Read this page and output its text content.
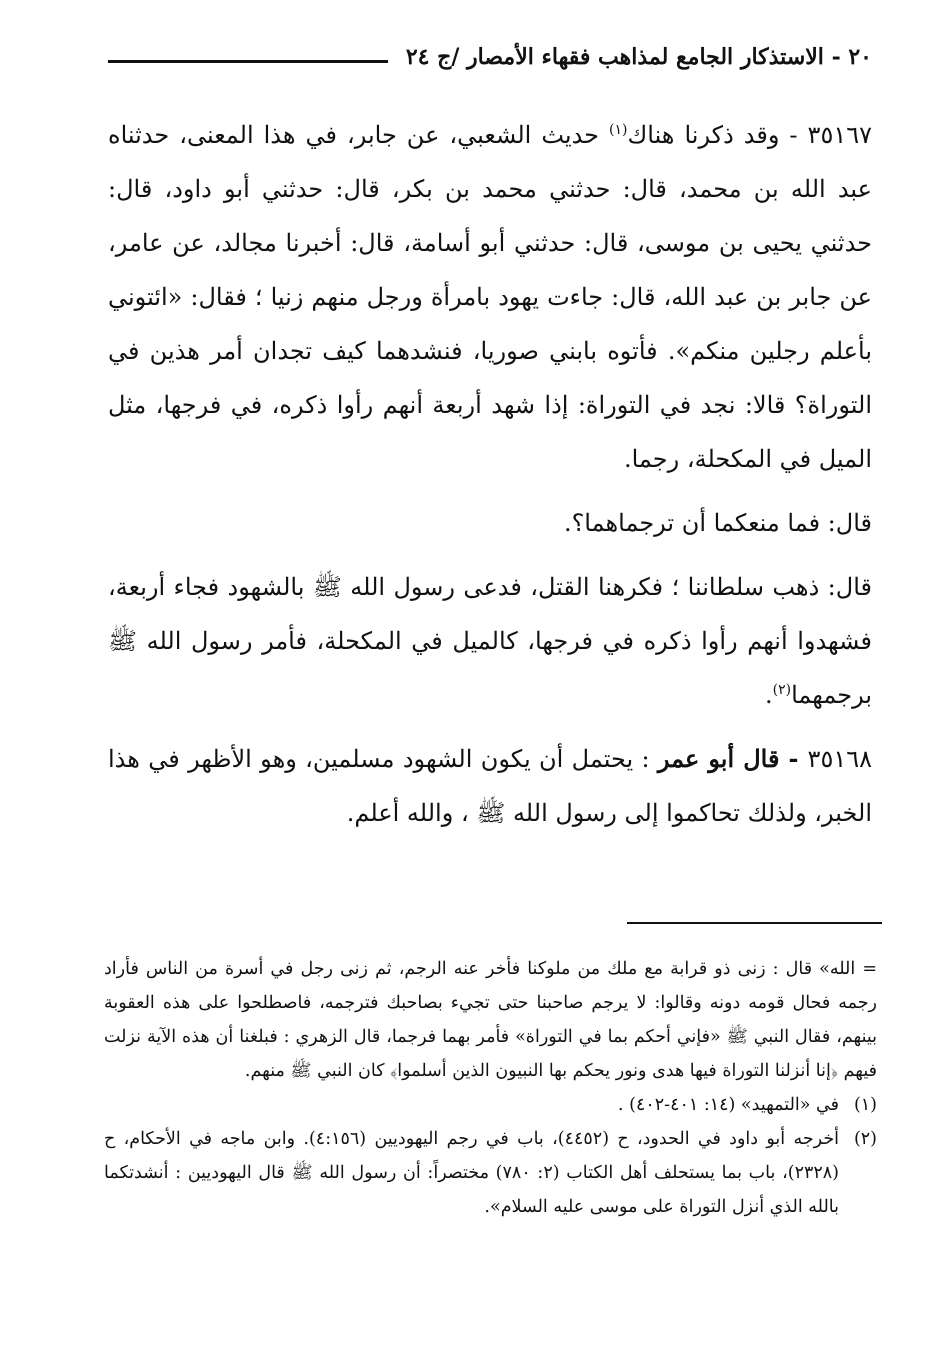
٢٠ - الاستذكار الجامع لمذاهب فقهاء الأمصار /ج ٢٤

٣٥١٦٧ - وقد ذكرنا هناك$^{(١)}$ حديث الشعبي، عن جابر، في هذا المعنى، حدثناه عبد الله بن محمد، قال: حدثني محمد بن بكر، قال: حدثني أبو داود، قال: حدثني يحيى بن موسى، قال: حدثني أبو أسامة، قال: أخبرنا مجالد، عن عامر، عن جابر بن عبد الله، قال: جاءت يهود بامرأة ورجل منهم زنيا ؛ فقال: «ائتوني بأعلم رجلين منكم». فأتوه بابني صوريا، فنشدهما كيف تجدان أمر هذين في التوراة؟ قالا: نجد في التوراة: إذا شهد أربعة أنهم رأوا ذكره، في فرجها، مثل الميل في المكحلة، رجما.

قال: فما منعكما أن ترجماهما؟.

قال: ذهب سلطاننا ؛ فكرهنا القتل، فدعى رسول الله ﷺ بالشهود فجاء أربعة، فشهدوا أنهم رأوا ذكره في فرجها، كالميل في المكحلة، فأمر رسول الله ﷺ برجمهما$^{(٢)}$.

٣٥١٦٨ - قال أبو عمر : يحتمل أن يكون الشهود مسلمين، وهو الأظهر في هذا الخبر، ولذلك تحاكموا إلى رسول الله ﷺ ، والله أعلم.

= الله» قال : زنى ذو قرابة مع ملك من ملوكنا فأخر عنه الرجم، ثم زنى رجل في أسرة من الناس فأراد رجمه فحال قومه دونه وقالوا: لا يرجم صاحبنا حتى تجيء بصاحبك فترجمه، فاصطلحوا على هذه العقوبة بينهم، فقال النبي ﷺ «فإني أحكم بما في التوراة» فأمر بهما فرجما، قال الزهري : فبلغنا أن هذه الآية نزلت فيهم ﴿إنا أنزلنا التوراة فيها هدى ونور يحكم بها النبيون الذين أسلموا﴾ كان النبي ﷺ منهم.
(١)
في «التمهيد» (١٤: ٤٠١-٤٠٢) .
(٢)
أخرجه أبو داود في الحدود، ح (٤٤٥٢)، باب في رجم اليهوديين (٤:١٥٦). وابن ماجه في الأحكام، ح (٢٣٢٨)، باب بما يستحلف أهل الكتاب (٢: ٧٨٠) مختصراً: أن رسول الله ﷺ قال اليهوديين : أنشدتكما بالله الذي أنزل التوراة على موسى عليه السلام».
